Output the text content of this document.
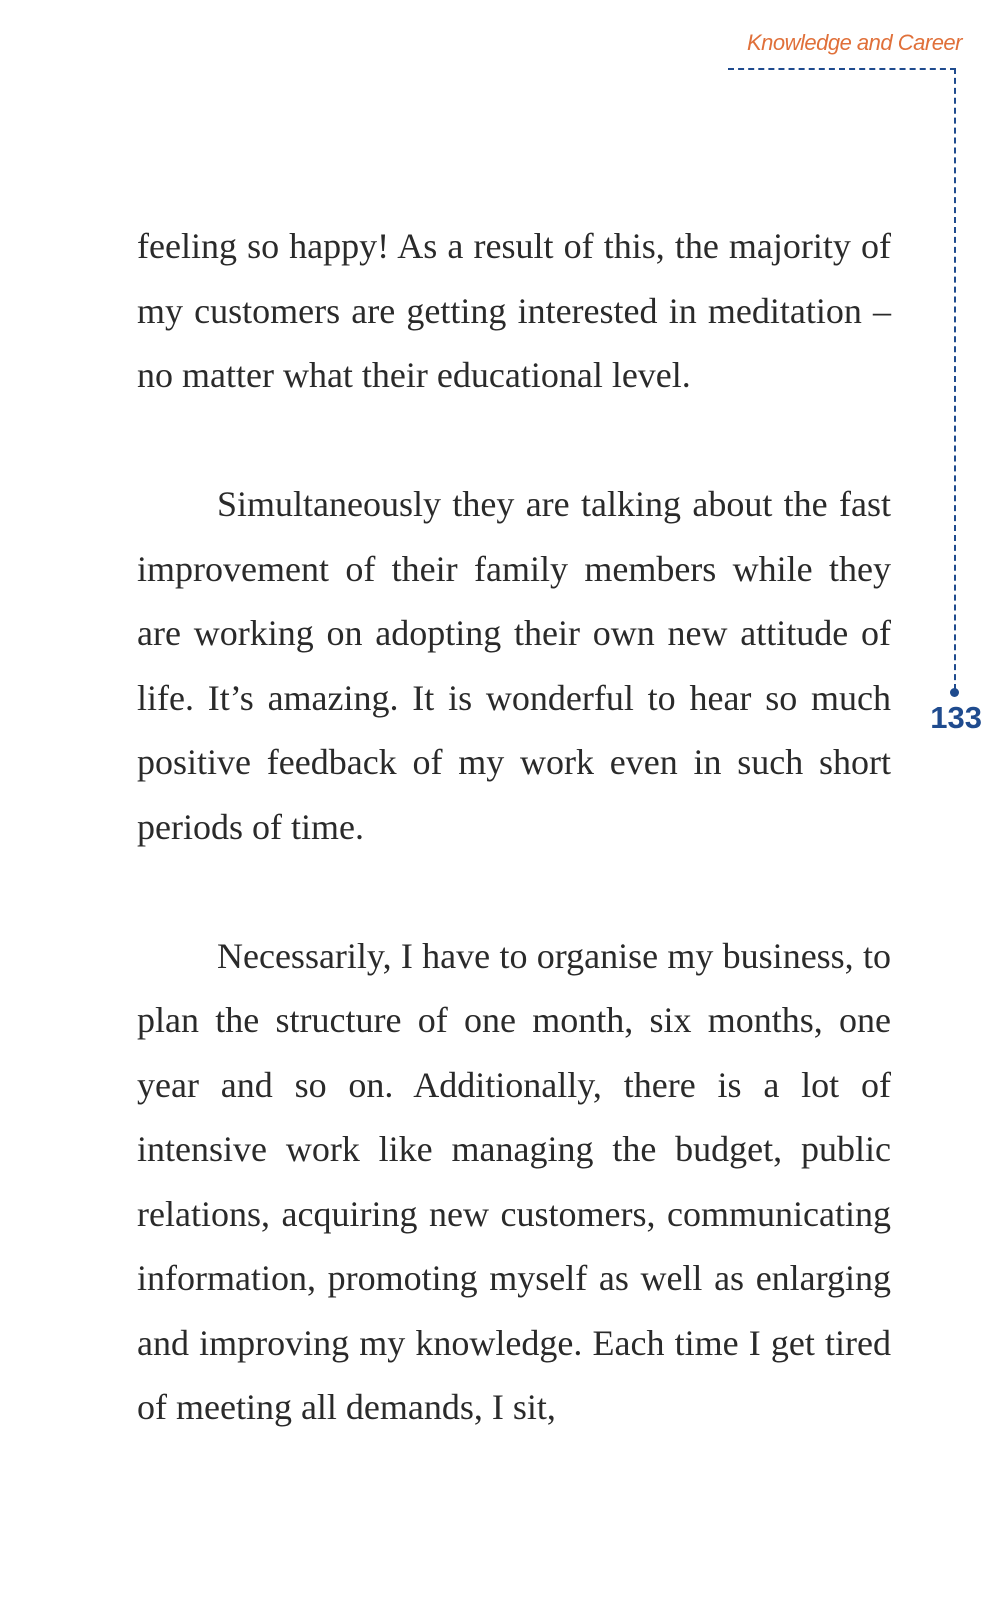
Knowledge and Career
133

feeling so happy! As a result of this, the majority of my customers are getting interested in meditation – no matter what their educational level.

Simultaneously they are talking about the fast improvement of their family members while they are working on adopting their own new attitude of life. It’s amazing. It is wonderful to hear so much positive feedback of my work even in such short periods of time.

Necessarily, I have to organise my business, to plan the structure of one month, six months, one year and so on. Additionally, there is a lot of intensive work like managing the budget, public relations, acquiring new customers, communicating information, promoting myself as well as enlarging and improving my knowledge. Each time I get tired of meeting all demands, I sit,
